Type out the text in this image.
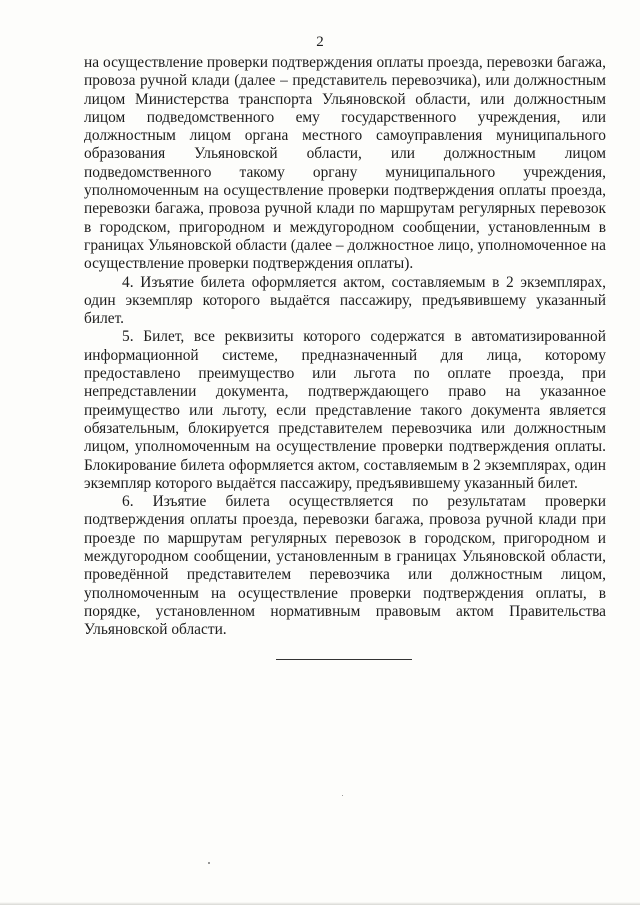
2

на осуществление проверки подтверждения оплаты проезда, перевозки багажа, провоза ручной клади (далее – представитель перевозчика), или должностным лицом Министерства транспорта Ульяновской области, или должностным лицом подведомственного ему государственного учреждения, или должностным лицом органа местного самоуправления муниципального образования Ульяновской области, или должностным лицом подведомственного такому органу муниципального учреждения, уполномоченным на осуществление проверки подтверждения оплаты проезда, перевозки багажа, провоза ручной клади по маршрутам регулярных перевозок в городском, пригородном и междугородном сообщении, установленным в границах Ульяновской области (далее – должностное лицо, уполномоченное на осуществление проверки подтверждения оплаты).

4. Изъятие билета оформляется актом, составляемым в 2 экземплярах, один экземпляр которого выдаётся пассажиру, предъявившему указанный билет.

5. Билет, все реквизиты которого содержатся в автоматизированной информационной системе, предназначенный для лица, которому предоставлено преимущество или льгота по оплате проезда, при непредставлении документа, подтверждающего право на указанное преимущество или льготу, если представление такого документа является обязательным, блокируется представителем перевозчика или должностным лицом, уполномоченным на осуществление проверки подтверждения оплаты. Блокирование билета оформляется актом, составляемым в 2 экземплярах, один экземпляр которого выдаётся пассажиру, предъявившему указанный билет.

6. Изъятие билета осуществляется по результатам проверки подтверждения оплаты проезда, перевозки багажа, провоза ручной клади при проезде по маршрутам регулярных перевозок в городском, пригородном и междугородном сообщении, установленным в границах Ульяновской области, проведённой представителем перевозчика или должностным лицом, уполномоченным на осуществление проверки подтверждения оплаты, в порядке, установленном нормативным правовым актом Правительства Ульяновской области.
